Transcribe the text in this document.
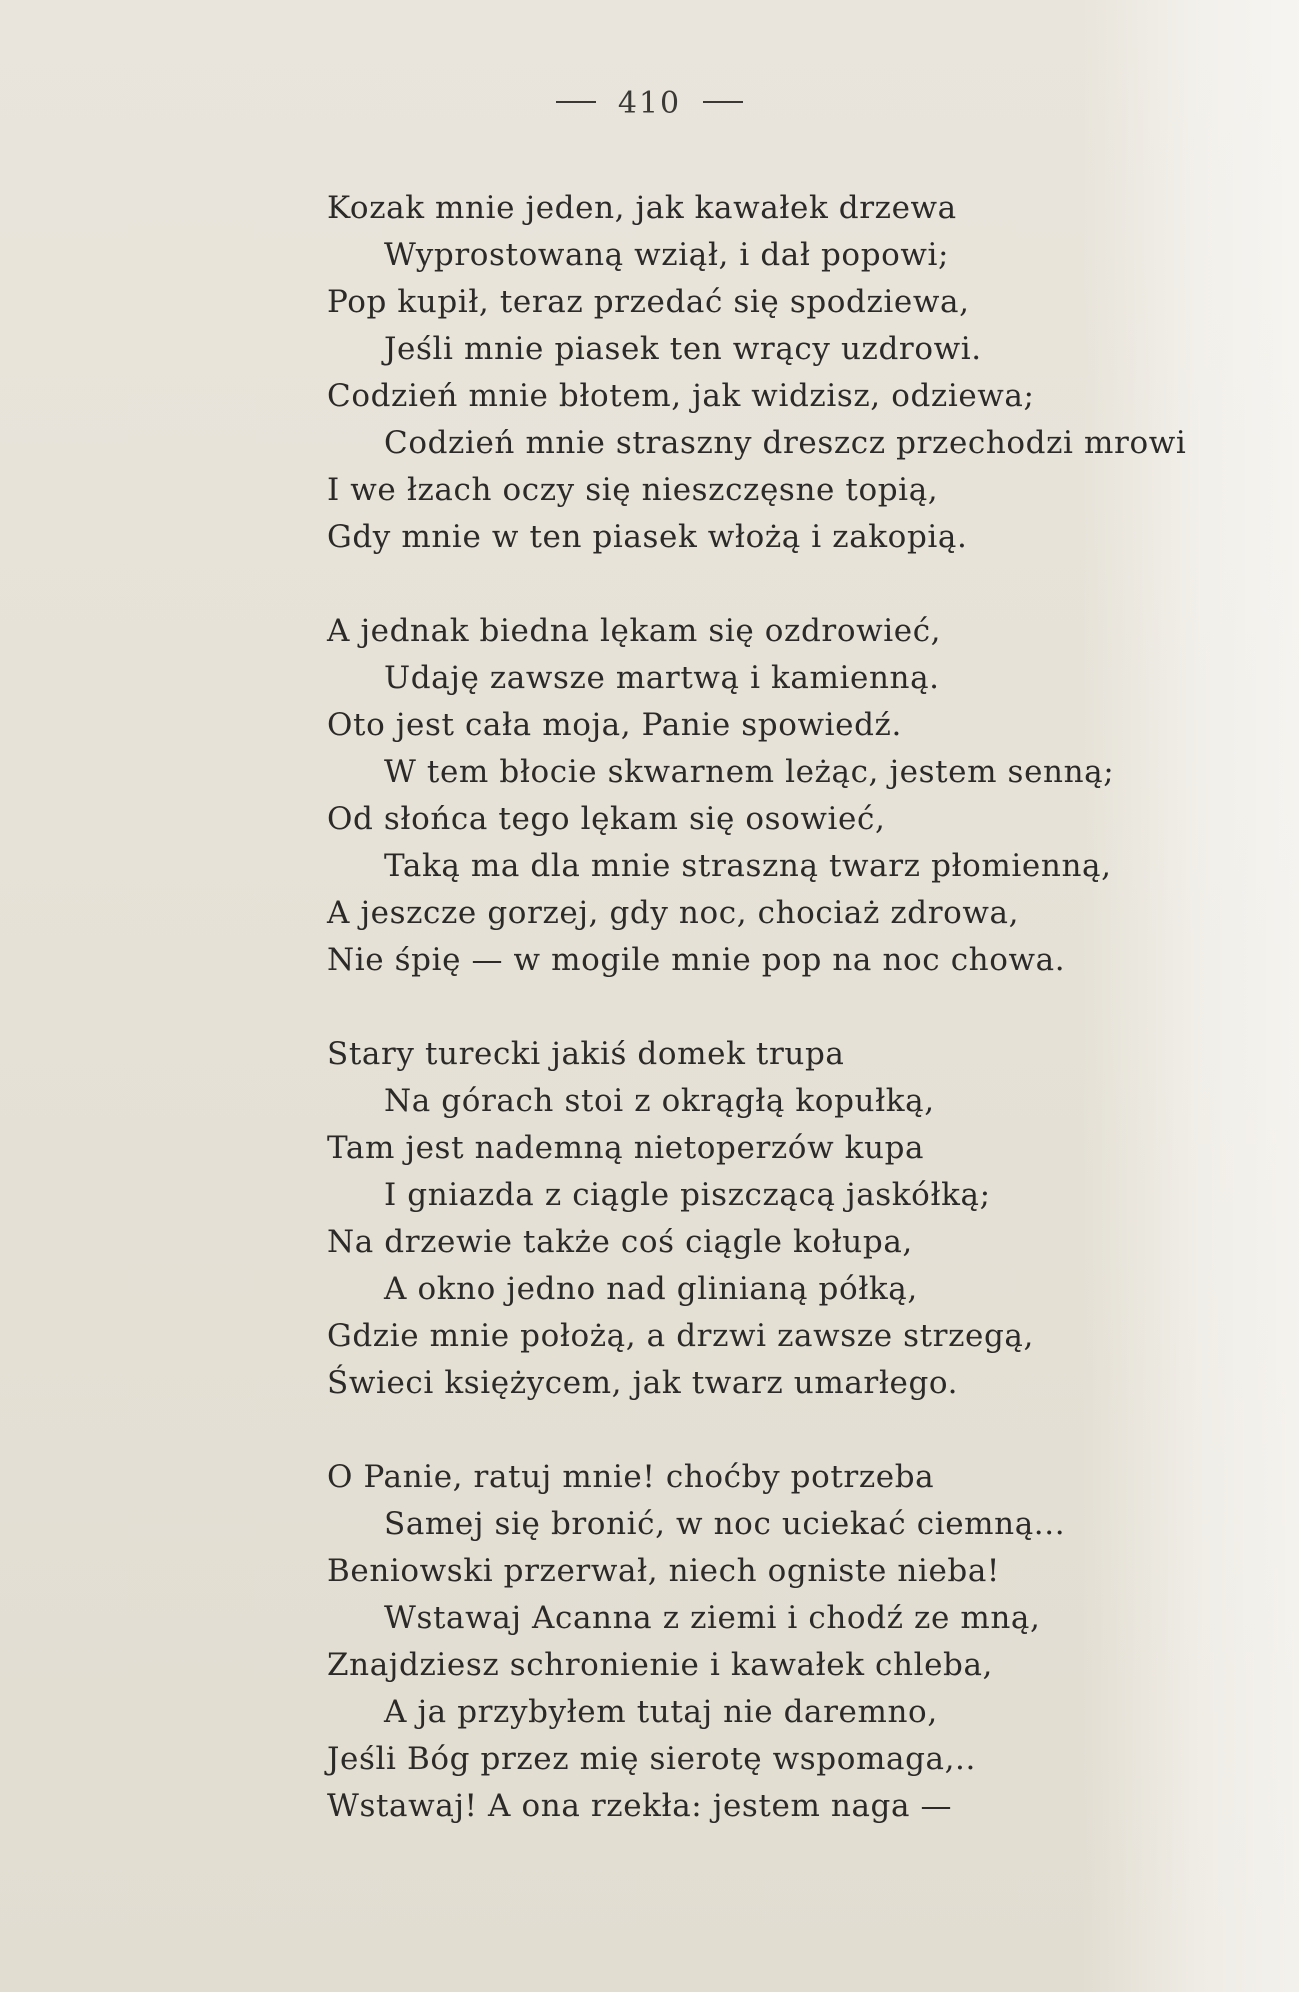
410
Kozak mnie jeden, jak kawałek drzewa
Wyprostowaną wziął, i dał popowi;
Pop kupił, teraz przedać się spodziewa,
Jeśli mnie piasek ten wrący uzdrowi.
Codzień mnie błotem, jak widzisz, odziewa;
Codzień mnie straszny dreszcz przechodzi mrowi
I we łzach oczy się nieszczęsne topią,
Gdy mnie w ten piasek włożą i zakopią.
A jednak biedna lękam się ozdrowieć,
Udaję zawsze martwą i kamienną.
Oto jest cała moja, Panie spowiedź.
W tem błocie skwarnem leżąc, jestem senną;
Od słońca tego lękam się osowieć,
Taką ma dla mnie straszną twarz płomienną,
A jeszcze gorzej, gdy noc, chociaż zdrowa,
Nie śpię — w mogile mnie pop na noc chowa.
Stary turecki jakiś domek trupa
Na górach stoi z okrągłą kopułką,
Tam jest nademną nietoperzów kupa
I gniazda z ciągle piszczącą jaskółką;
Na drzewie także coś ciągle kołupa,
A okno jedno nad glinianą półką,
Gdzie mnie położą, a drzwi zawsze strzegą,
Świeci księżycem, jak twarz umarłego.
O Panie, ratuj mnie! choćby potrzeba
Samej się bronić, w noc uciekać ciemną...
Beniowski przerwał, niech ogniste nieba!
Wstawaj Acanna z ziemi i chodź ze mną,
Znajdziesz schronienie i kawałek chleba,
A ja przybyłem tutaj nie daremno,
Jeśli Bóg przez mię sierotę wspomaga,..
Wstawaj! A ona rzekła: jestem naga —
